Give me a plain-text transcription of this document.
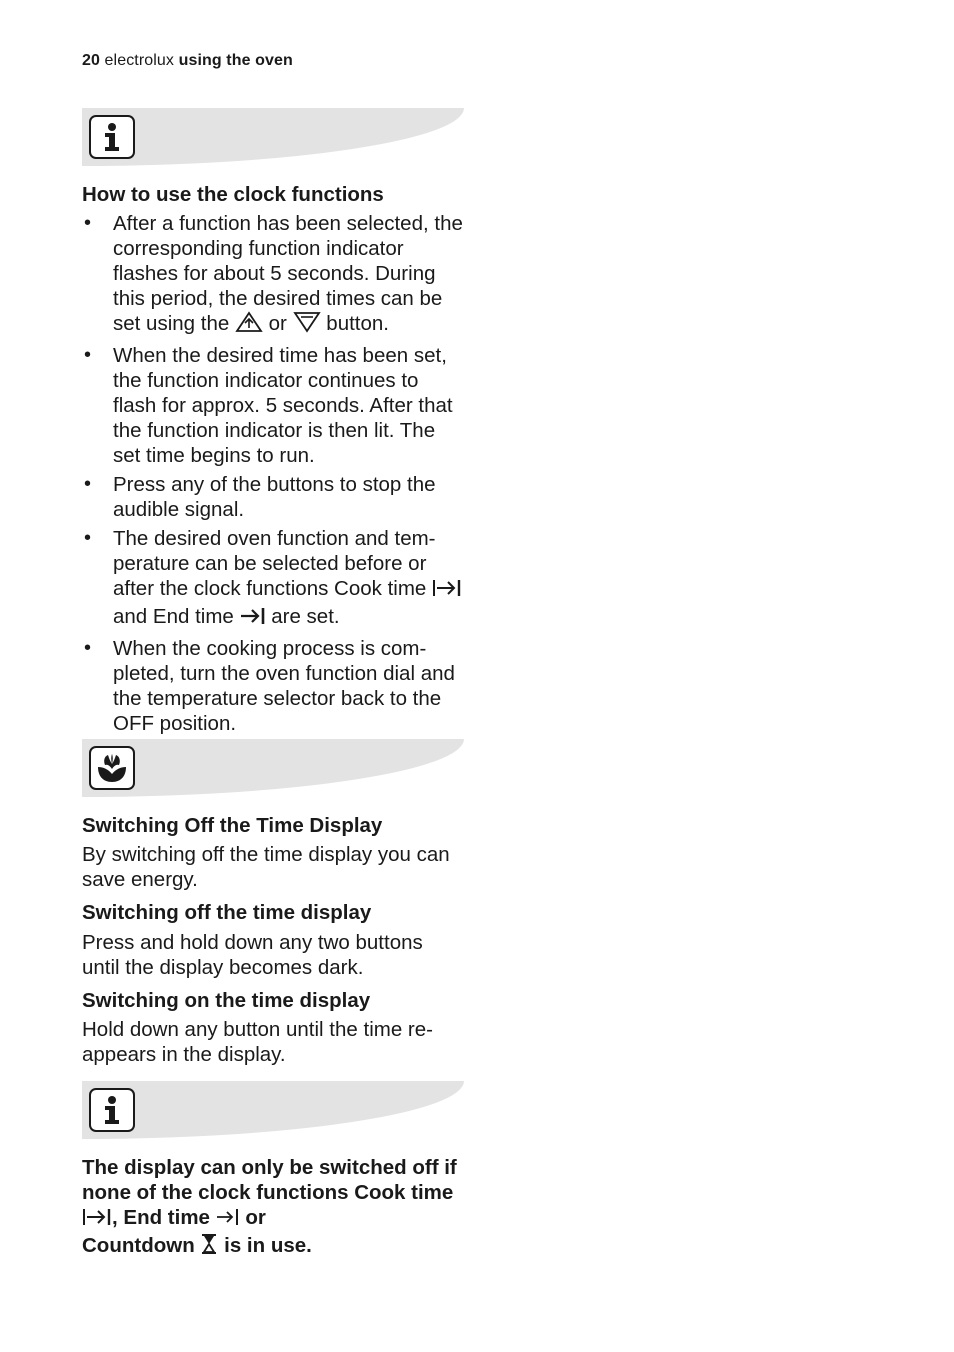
20 electrolux using the oven
How to use the clock functions
• After a function has been selected, the corresponding function indicator flashes for about 5 seconds. During this period, the desired times can be set using the or button.
• When the desired time has been set, the function indicator continues to flash for approx. 5 seconds. After that the function indicator is then lit. The set time begins to run.
• Press any of the buttons to stop the audible signal.
• The desired oven function and tem-perature can be selected before or after the clock functions Cook time  and End time are set.
• When the cooking process is com-pleted, turn the oven function dial and the temperature selector back to the OFF position.
Switching Off the Time Display

By switching off the time display you can save energy.

Switching off the time display

Press and hold down any two buttons until the display becomes dark.

Switching on the time display

Hold down any button until the time re-appears in the display.

The display can only be switched off if none of the clock functions Cook time , End time  or
Countdown is in use.
